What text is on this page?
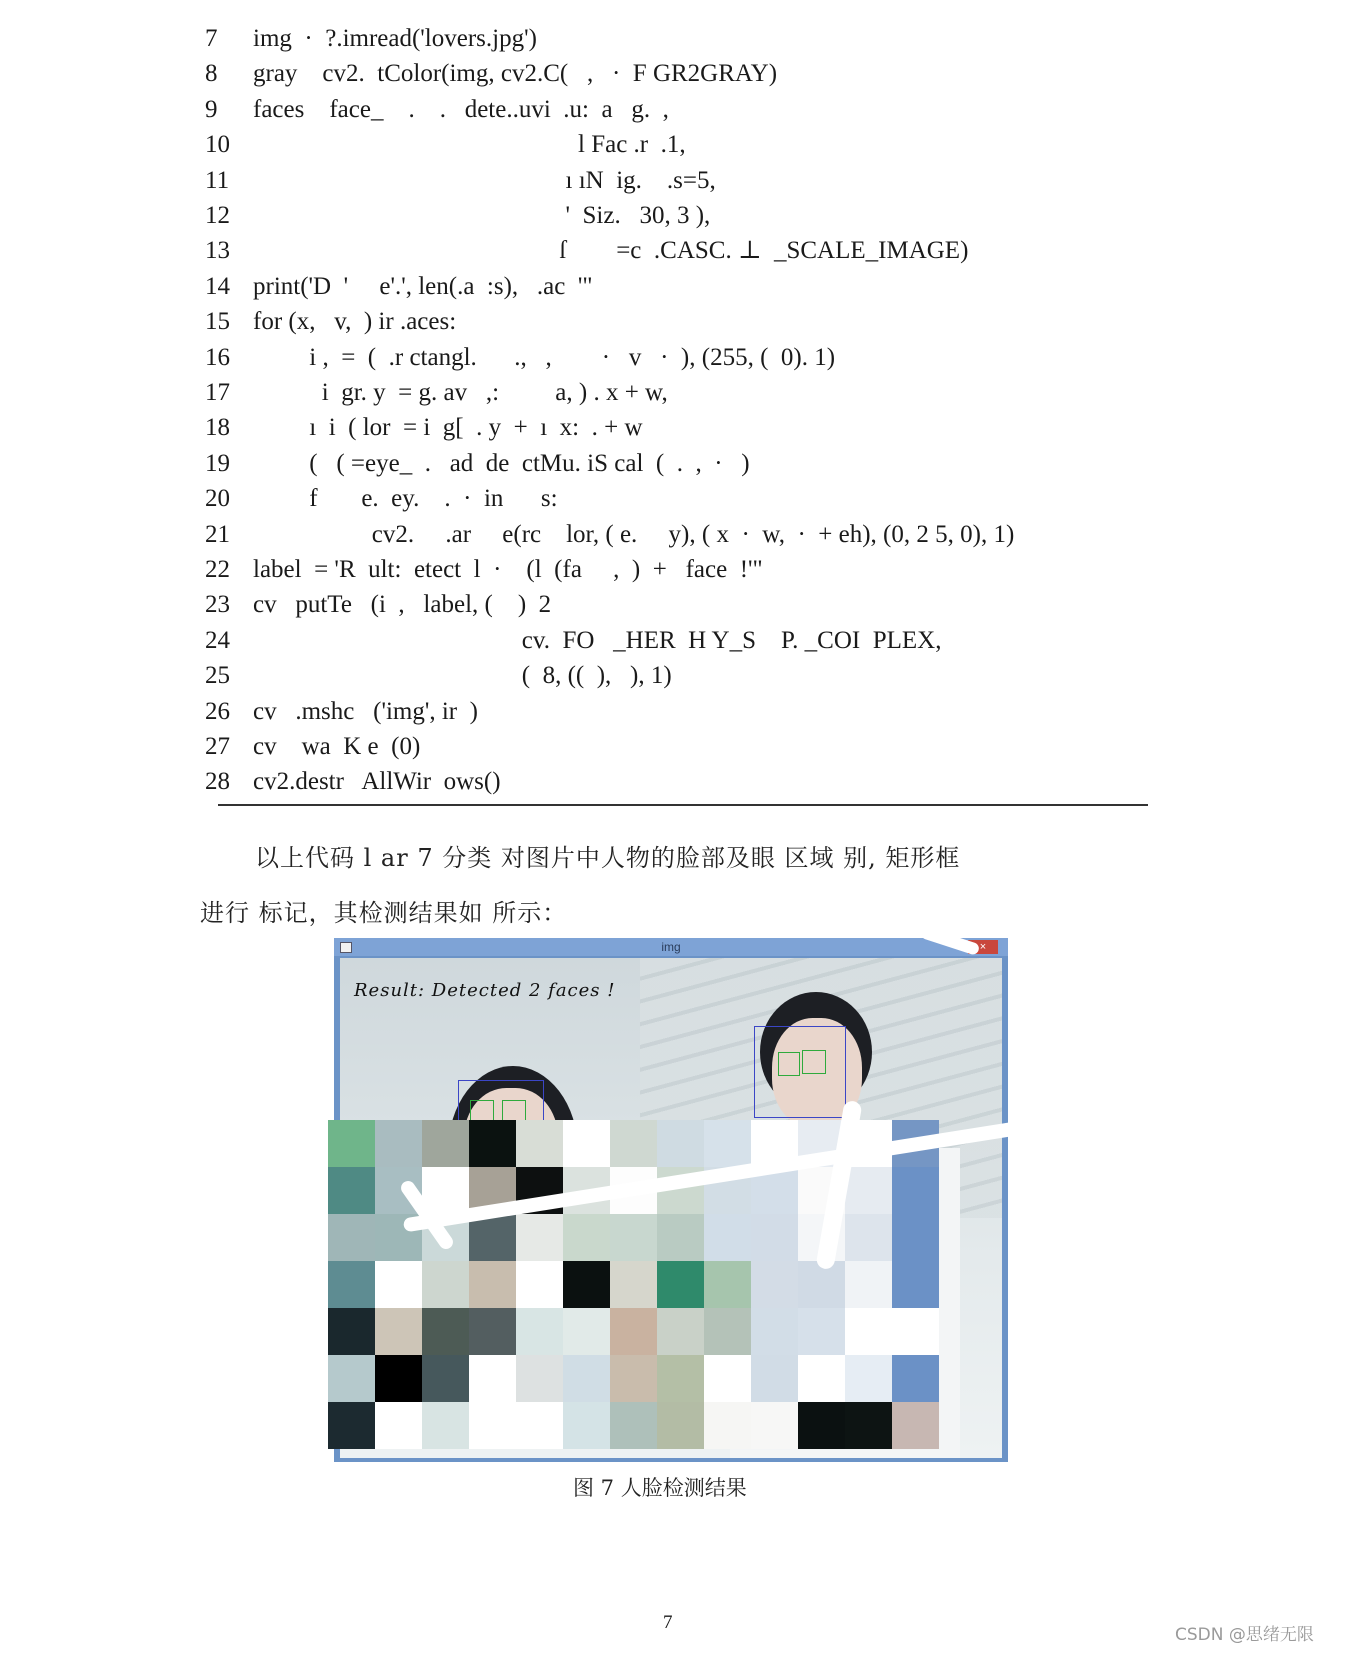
7 img  ·  ?.imread('lovers.jpg')
8 gray    cv2.  tColor(img, cv2.C(   ,   ·  F GR2GRAY)
9 faces    face_    .    .   dete..uvi  .u:  a   g.  ,
10                                                    l Fac .r  .1,
11                                                  ı ıN  ig.    .s=5,
12                                                  '  Siz.   30, 3 ),
13                                                 ſ        =c  .CASC. ⊥  _SCALE_IMAGE)
14 print('D  '     e'.', len(.a  :s),   .ac  '"
15 for (x,   v,  ) ir .aces:
16         i ,  =  (  .r ctangl.      .,   ,        ·   v   ·  ), (255, (  0). 1)
17           i  gr. y  = g. av   ,:         a, ) . x + w,
18         ı  i  ( lor  = i  g[  . y  +  ı  x:  . + w
19         (   ( =eye_  .   ad  de  ctMu. iS cal  (  .  ,  ·   )
20         f       e.  ey.    .  ·  in      s:
21                   cv2.     .ar     e(rc    lor, ( e.     y), ( x  ·  w,  ·  + eh), (0, 2 5, 0), 1)
22 label  = 'R  ult:  etect  l  ·    (l  (fa     ,  )  +   face  !'"
23 cv   putTe   (i  ,   label, (    )  2
24                                           cv.  FO   _HER  H Y_S    P. _COI  PLEX,
25                                           (  8, ((  ),   ), 1)
26 cv   .mshc   ('img', ir  )
27 cv    wa  K e  (0)
28 cv2.destr   AllWir  ows()
以上代码 l ar 7 分类 对图片中人物的脸部及眼 区域 别, 矩形框
进行 标记，其检测结果如 所示：
img	×
Result: Detected 2 faces !
图 7 人脸检测结果
7
CSDN @思绪无限
